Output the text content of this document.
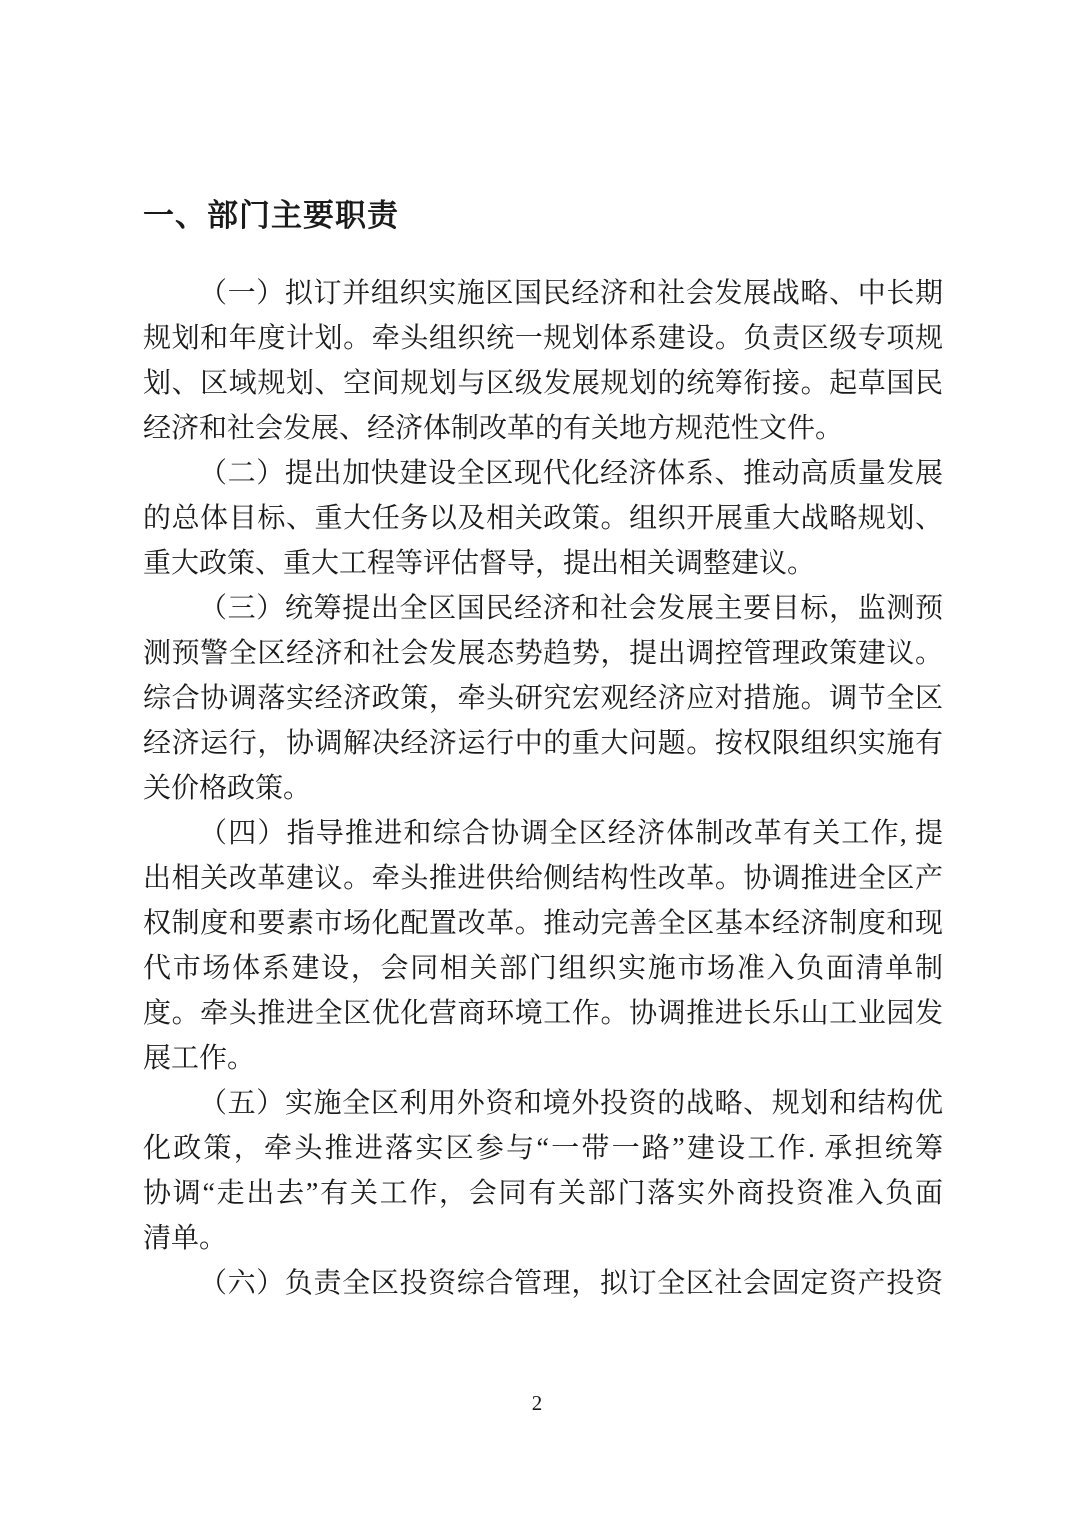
一、部门主要职责

（一）拟订并组织实施区国民经济和社会发展战略、中长期
规划和年度计划。牵头组织统一规划体系建设。负责区级专项规
划、区域规划、空间规划与区级发展规划的统筹衔接。起草国民
经济和社会发展、经济体制改革的有关地方规范性文件。

（二）提出加快建设全区现代化经济体系、推动高质量发展
的总体目标、重大任务以及相关政策。组织开展重大战略规划、
重大政策、重大工程等评估督导，提出相关调整建议。

（三）统筹提出全区国民经济和社会发展主要目标，监测预
测预警全区经济和社会发展态势趋势，提出调控管理政策建议。
综合协调落实经济政策，牵头研究宏观经济应对措施。调节全区
经济运行，协调解决经济运行中的重大问题。按权限组织实施有
关价格政策。

（四）指导推进和综合协调全区经济体制改革有关工作, 提
出相关改革建议。牵头推进供给侧结构性改革。协调推进全区产
权制度和要素市场化配置改革。推动完善全区基本经济制度和现
代市场体系建设，会同相关部门组织实施市场准入负面清单制
度。牵头推进全区优化营商环境工作。协调推进长乐山工业园发
展工作。

（五）实施全区利用外资和境外投资的战略、规划和结构优
化政策，牵头推进落实区参与“一带一路”建设工作. 承担统筹
协调“走出去”有关工作，会同有关部门落实外商投资准入负面
清单。

（六）负责全区投资综合管理，拟订全区社会固定资产投资

2
